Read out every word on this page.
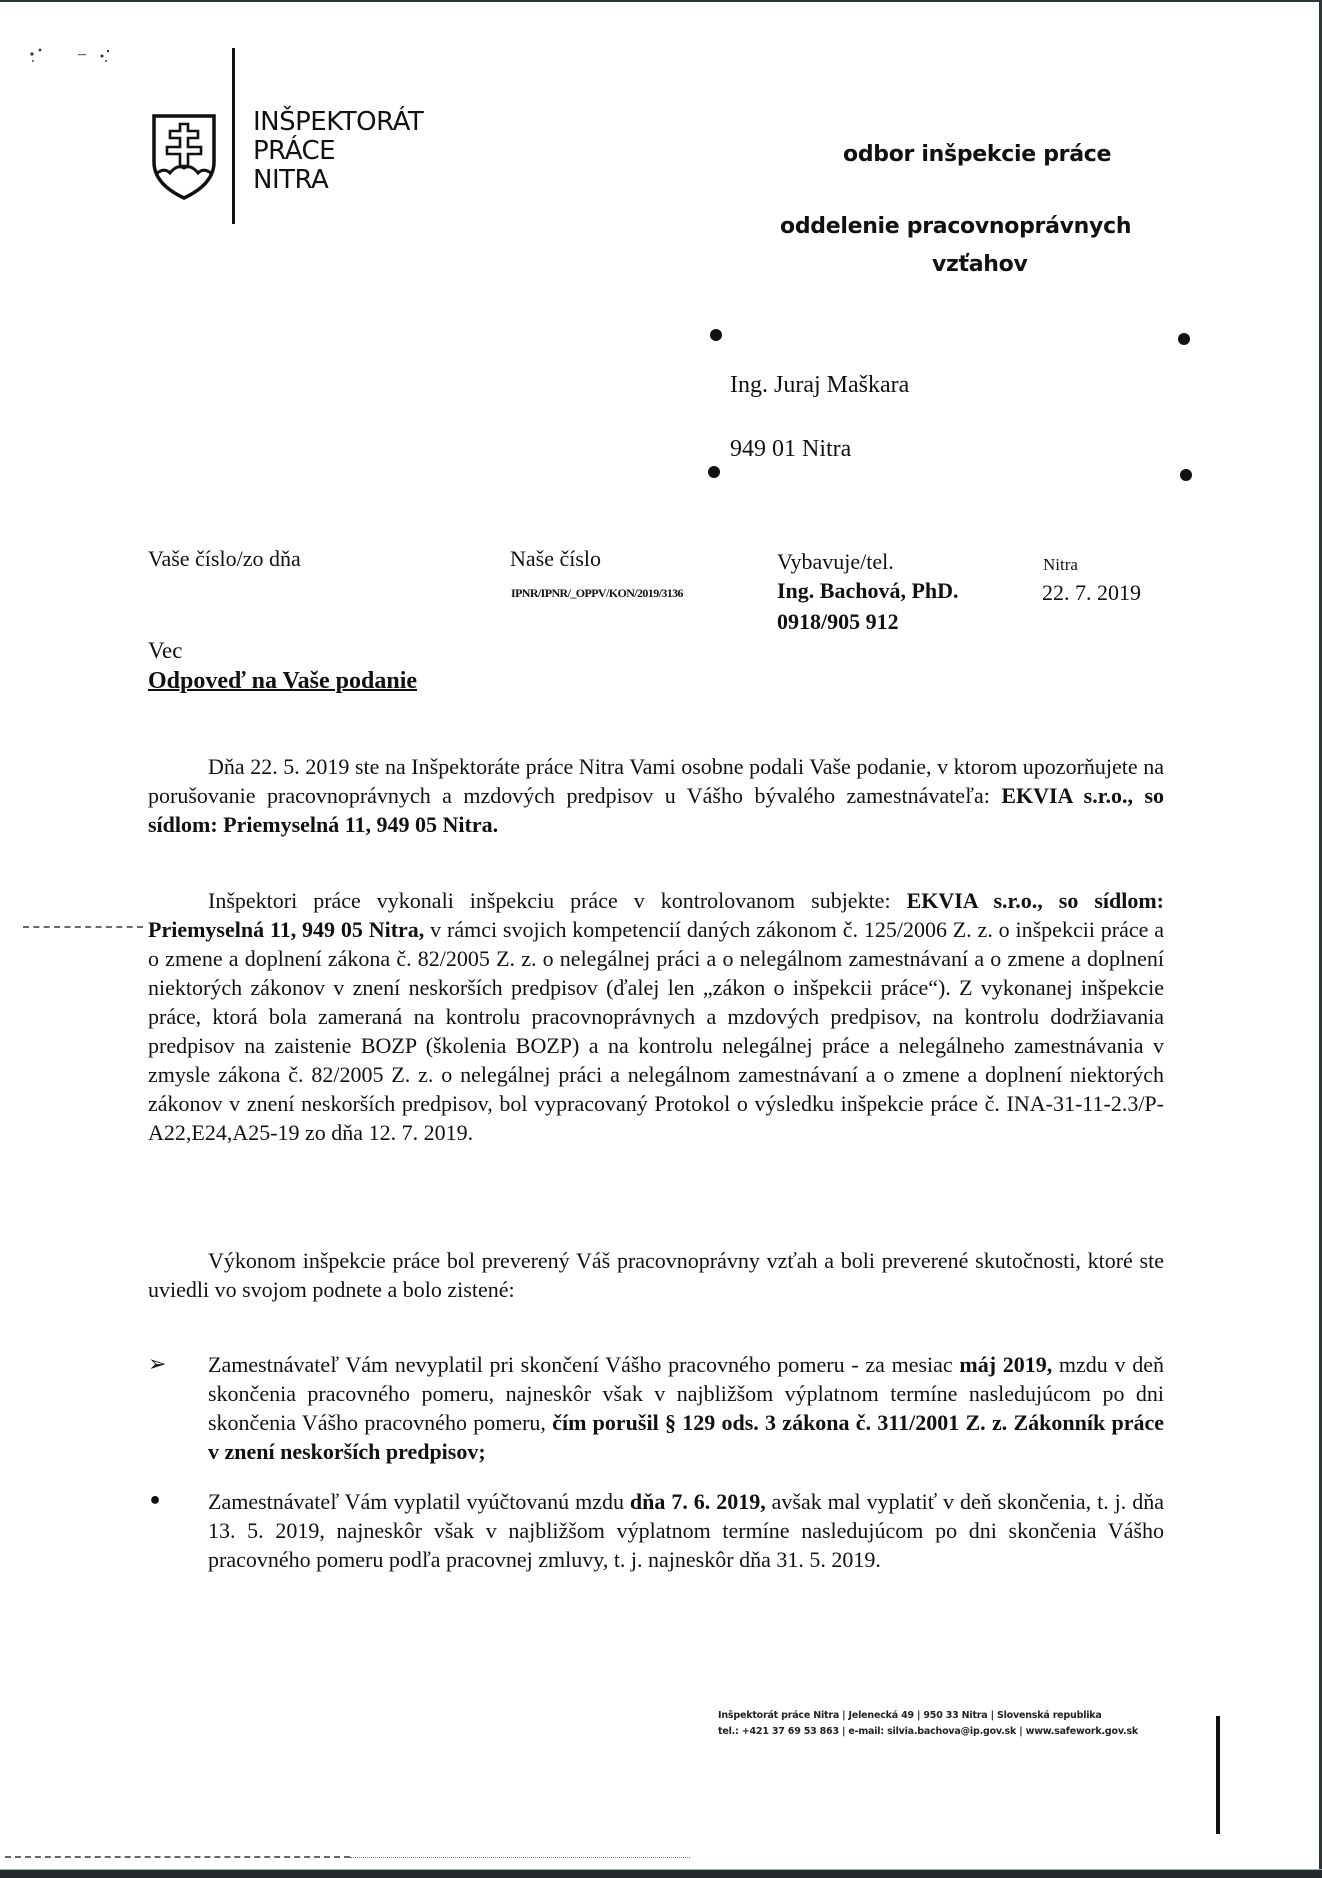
INŠPEKTORÁT
PRÁCE
NITRA
odbor inšpekcie práce
oddelenie pracovnoprávnych
vzťahov
Ing. Juraj Maškara
949 01 Nitra
Vaše číslo/zo dňa	Naše číslo
IPNR/IPNR/_OPPV/KON/2019/3136
Vybavuje/tel.
Ing. Bachová, PhD.
0918/905 912
Nitra
22. 7. 2019
Vec
Odpoveď na Vaše podanie
Dňa 22. 5. 2019 ste na Inšpektoráte práce Nitra Vami osobne podali Vaše podanie, v ktorom upozorňujete na porušovanie pracovnoprávnych a mzdových predpisov u Vášho bývalého zamestnávateľa: EKVIA s.r.o., so sídlom: Priemyselná 11, 949 05 Nitra.
Inšpektori práce vykonali inšpekciu práce v kontrolovanom subjekte: EKVIA s.r.o., so sídlom: Priemyselná 11, 949 05 Nitra, v rámci svojich kompetencií daných zákonom č. 125/2006 Z. z. o inšpekcii práce a o zmene a doplnení zákona č. 82/2005 Z. z. o nelegálnej práci a o nelegálnom zamestnávaní a o zmene a doplnení niektorých zákonov v znení neskorších predpisov (ďalej len „zákon o inšpekcii práce“). Z vykonanej inšpekcie práce, ktorá bola zameraná na kontrolu pracovnoprávnych a mzdových predpisov, na kontrolu dodržiavania predpisov na zaistenie BOZP (školenia BOZP) a na kontrolu nelegálnej práce a nelegálneho zamestnávania v zmysle zákona č. 82/2005 Z. z. o nelegálnej práci a nelegálnom zamestnávaní a o zmene a doplnení niektorých zákonov v znení neskorších predpisov, bol vypracovaný Protokol o výsledku inšpekcie práce č. INA-31-11-2.3/P-A22,E24,A25-19 zo dňa 12. 7. 2019.
Výkonom inšpekcie práce bol preverený Váš pracovnoprávny vzťah a boli preverené skutočnosti, ktoré ste uviedli vo svojom podnete a bolo zistené:
➢	Zamestnávateľ Vám nevyplatil pri skončení Vášho pracovného pomeru - za mesiac máj 2019, mzdu v deň skončenia pracovného pomeru, najneskôr však v najbližšom výplatnom termíne nasledujúcom po dni skončenia Vášho pracovného pomeru, čím porušil § 129 ods. 3 zákona č. 311/2001 Z. z. Zákonník práce v znení neskorších predpisov;
•	Zamestnávateľ Vám vyplatil vyúčtovanú mzdu dňa 7. 6. 2019, avšak mal vyplatiť v deň skončenia, t. j. dňa 13. 5. 2019, najneskôr však v najbližšom výplatnom termíne nasledujúcom po dni skončenia Vášho pracovného pomeru podľa pracovnej zmluvy, t. j. najneskôr dňa 31. 5. 2019.
Inšpektorát práce Nitra | Jelenecká 49 | 950 33 Nitra | Slovenská republika
tel.: +421 37 69 53 863 | e-mail: silvia.bachova@ip.gov.sk | www.safework.gov.sk
